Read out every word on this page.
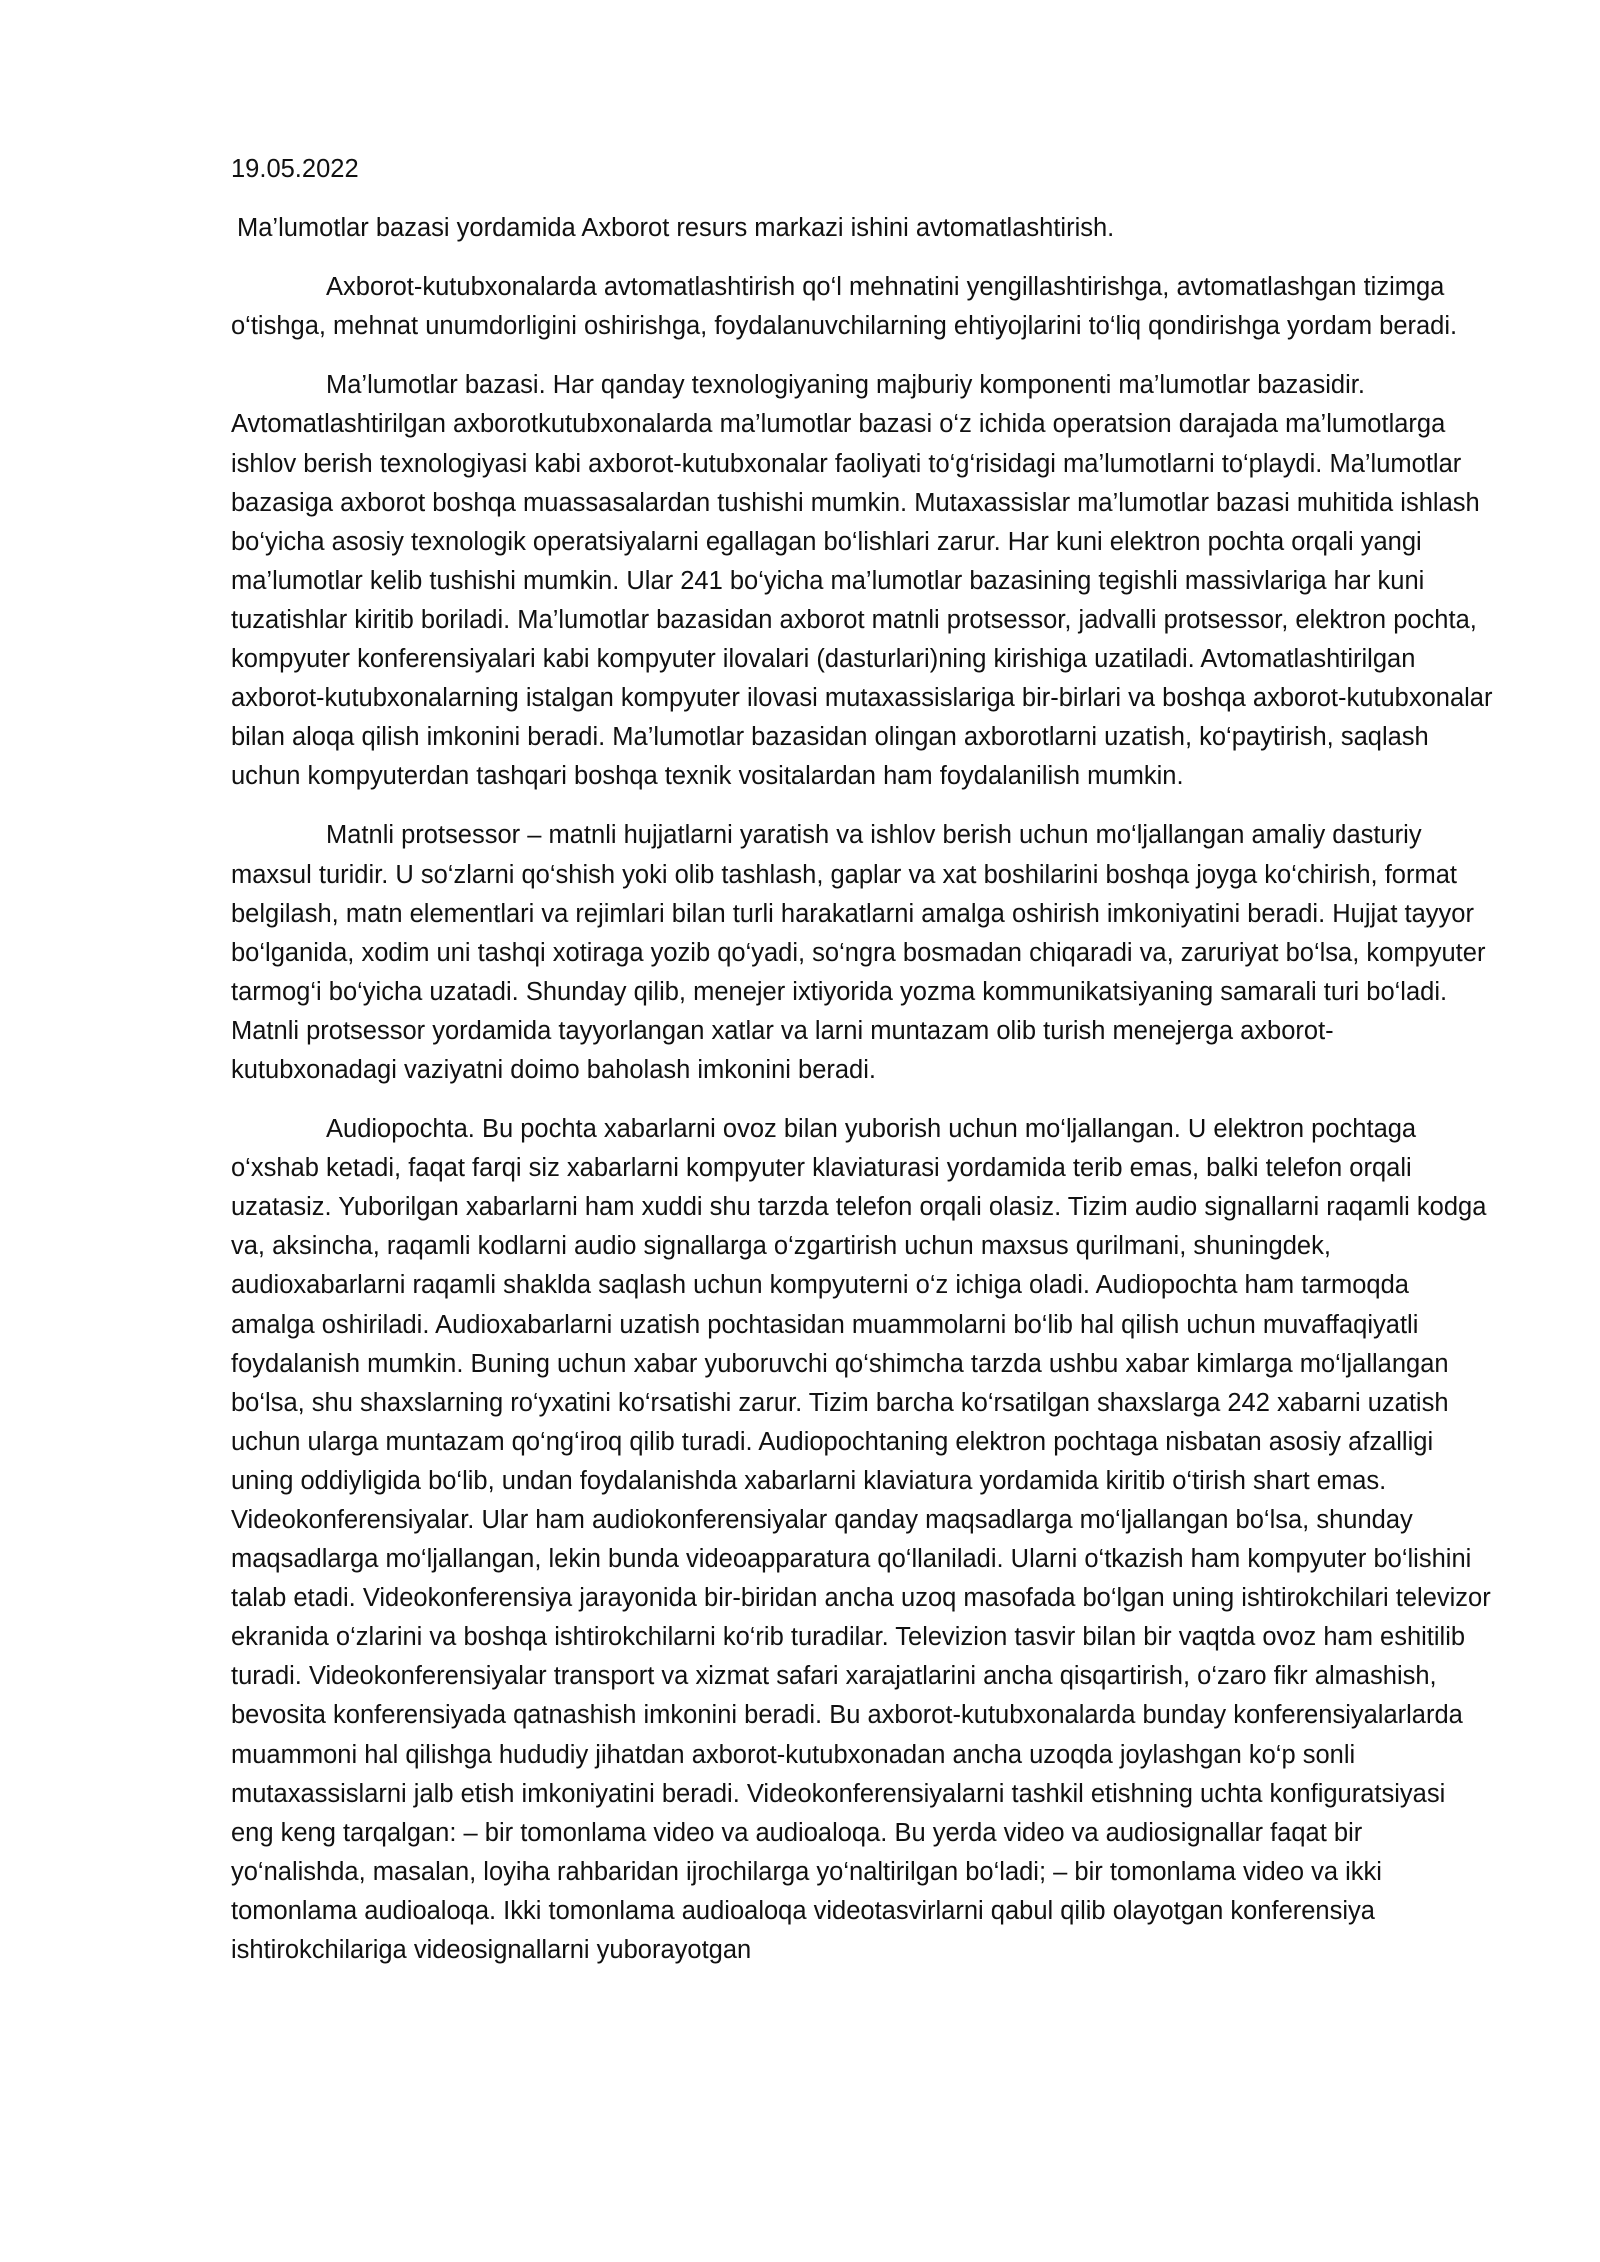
19.05.2022

Ma’lumotlar bazasi yordamida Axborot resurs markazi ishini avtomatlashtirish.

Axborot-kutubxonalarda avtomatlashtirish qo‘l mehnatini yengillashtirishga, avtomatlashgan tizimga o‘tishga, mehnat unumdorligini oshirishga, foydalanuvchilarning ehtiyojlarini to‘liq qondirishga yordam beradi.

Ma’lumotlar bazasi. Har qanday texnologiyaning majburiy komponenti ma’lumotlar bazasidir. Avtomatlashtirilgan axborotkutubxonalarda ma’lumotlar bazasi o‘z ichida operatsion darajada ma’lumotlarga ishlov berish texnologiyasi kabi axborot-kutubxonalar faoliyati to‘g‘risidagi ma’lumotlarni to‘playdi. Ma’lumotlar bazasiga axborot boshqa muassasalardan tushishi mumkin. Mutaxassislar ma’lumotlar bazasi muhitida ishlash bo‘yicha asosiy texnologik operatsiyalarni egallagan bo‘lishlari zarur. Har kuni elektron pochta orqali yangi ma’lumotlar kelib tushishi mumkin. Ular 241 bo‘yicha ma’lumotlar bazasining tegishli massivlariga har kuni tuzatishlar kiritib boriladi. Ma’lumotlar bazasidan axborot matnli protsessor, jadvalli protsessor, elektron pochta, kompyuter konferensiyalari kabi kompyuter ilovalari (dasturlari)ning kirishiga uzatiladi. Avtomatlashtirilgan axborot-kutubxonalarning istalgan kompyuter ilovasi mutaxassislariga bir-birlari va boshqa axborot-kutubxonalar bilan aloqa qilish imkonini beradi. Ma’lumotlar bazasidan olingan axborotlarni uzatish, ko‘paytirish, saqlash uchun kompyuterdan tashqari boshqa texnik vositalardan ham foydalanilish mumkin.

Matnli protsessor – matnli hujjatlarni yaratish va ishlov berish uchun mo‘ljallangan amaliy dasturiy maxsul turidir. U so‘zlarni qo‘shish yoki olib tashlash, gaplar va xat boshilarini boshqa joyga ko‘chirish, format belgilash, matn elementlari va rejimlari bilan turli harakatlarni amalga oshirish imkoniyatini beradi. Hujjat tayyor bo‘lganida, xodim uni tashqi xotiraga yozib qo‘yadi, so‘ngra bosmadan chiqaradi va, zaruriyat bo‘lsa, kompyuter tarmog‘i bo‘yicha uzatadi. Shunday qilib, menejer ixtiyorida yozma kommunikatsiyaning samarali turi bo‘ladi. Matnli protsessor yordamida tayyorlangan xatlar va larni muntazam olib turish menejerga axborot-kutubxonadagi vaziyatni doimo baholash imkonini beradi.

Audiopochta. Bu pochta xabarlarni ovoz bilan yuborish uchun mo‘ljallangan. U elektron pochtaga o‘xshab ketadi, faqat farqi siz xabarlarni kompyuter klaviaturasi yordamida terib emas, balki telefon orqali uzatasiz. Yuborilgan xabarlarni ham xuddi shu tarzda telefon orqali olasiz. Tizim audio signallarni raqamli kodga va, aksincha, raqamli kodlarni audio signallarga o‘zgartirish uchun maxsus qurilmani, shuningdek, audioxabarlarni raqamli shaklda saqlash uchun kompyuterni o‘z ichiga oladi. Audiopochta ham tarmoqda amalga oshiriladi. Audioxabarlarni uzatish pochtasidan muammolarni bo‘lib hal qilish uchun muvaffaqiyatli foydalanish mumkin. Buning uchun xabar yuboruvchi qo‘shimcha tarzda ushbu xabar kimlarga mo‘ljallangan bo‘lsa, shu shaxslarning ro‘yxatini ko‘rsatishi zarur. Tizim barcha ko‘rsatilgan shaxslarga 242 xabarni uzatish uchun ularga muntazam qo‘ng‘iroq qilib turadi. Audiopochtaning elektron pochtaga nisbatan asosiy afzalligi uning oddiyligida bo‘lib, undan foydalanishda xabarlarni klaviatura yordamida kiritib o‘tirish shart emas. Videokonferensiyalar. Ular ham audiokonferensiyalar qanday maqsadlarga mo‘ljallangan bo‘lsa, shunday maqsadlarga mo‘ljallangan, lekin bunda videoapparatura qo‘llaniladi. Ularni o‘tkazish ham kompyuter bo‘lishini talab etadi. Videokonferensiya jarayonida bir-biridan ancha uzoq masofada bo‘lgan uning ishtirokchilari televizor ekranida o‘zlarini va boshqa ishtirokchilarni ko‘rib turadilar. Televizion tasvir bilan bir vaqtda ovoz ham eshitilib turadi. Videokonferensiyalar transport va xizmat safari xarajatlarini ancha qisqartirish, o‘zaro fikr almashish, bevosita konferensiyada qatnashish imkonini beradi. Bu axborot-kutubxonalarda bunday konferensiyalarlarda muammoni hal qilishga hududiy jihatdan axborot-kutubxonadan ancha uzoqda joylashgan ko‘p sonli mutaxassislarni jalb etish imkoniyatini beradi. Videokonferensiyalarni tashkil etishning uchta konfiguratsiyasi eng keng tarqalgan: – bir tomonlama video va audioaloqa. Bu yerda video va audiosignallar faqat bir yo‘nalishda, masalan, loyiha rahbaridan ijrochilarga yo‘naltirilgan bo‘ladi; – bir tomonlama video va ikki tomonlama audioaloqa. Ikki tomonlama audioaloqa videotasvirlarni qabul qilib olayotgan konferensiya ishtirokchilariga videosignallarni yuborayotgan
